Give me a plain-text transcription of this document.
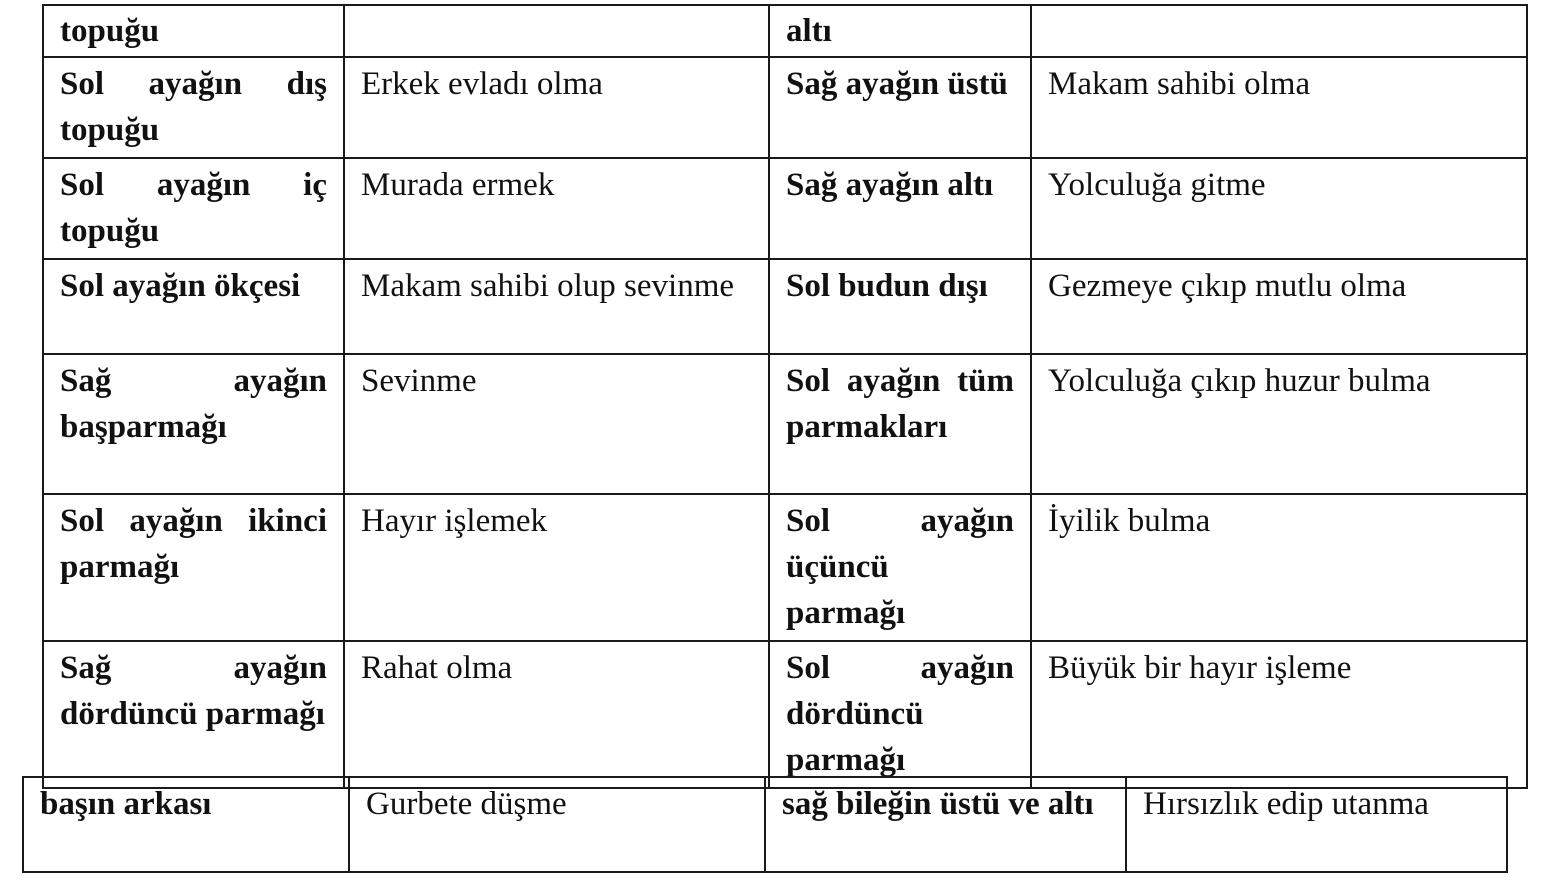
topuğu		altı	
Sol ayağın dış topuğu	Erkek evladı olma	Sağ ayağın üstü	Makam sahibi olma
Sol ayağın iç topuğu	Murada ermek	Sağ ayağın altı	Yolculuğa gitme
Sol ayağın ökçesi	Makam sahibi olup sevinme	Sol budun dışı	Gezmeye çıkıp mutlu olma
Sağ ayağın başparmağı	Sevinme	Sol ayağın tüm parmakları	Yolculuğa çıkıp huzur bulma
Sol ayağın ikinci parmağı	Hayır işlemek	Sol ayağın üçüncü parmağı	İyilik bulma
Sağ ayağın dördüncü parmağı	Rahat olma	Sol ayağın dördüncü parmağı	Büyük bir hayır işleme
başın arkası	Gurbete düşme	sağ bileğin üstü ve altı	Hırsızlık edip utanma
